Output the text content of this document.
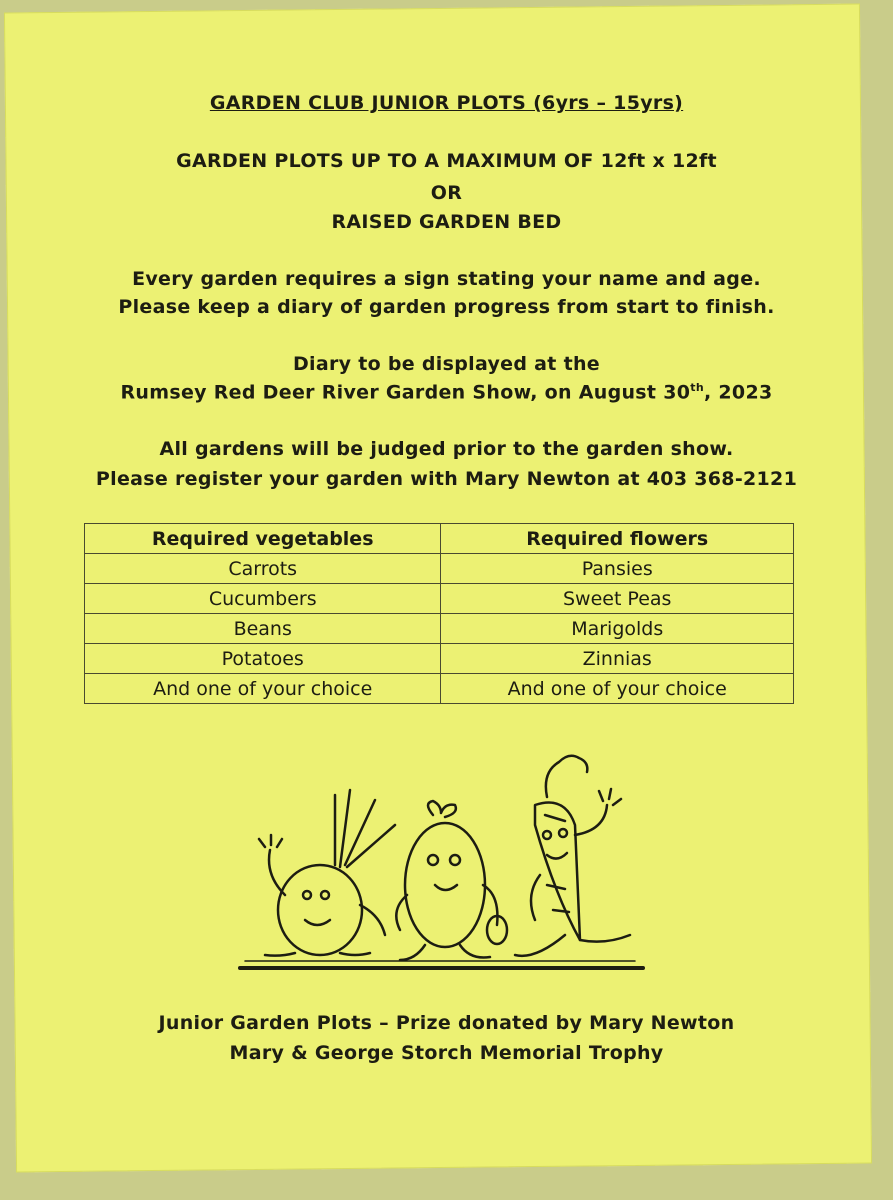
GARDEN CLUB JUNIOR PLOTS (6yrs – 15yrs)
GARDEN PLOTS UP TO A MAXIMUM OF 12ft x 12ft
OR
RAISED GARDEN BED
Every garden requires a sign stating your name and age.
Please keep a diary of garden progress from start to finish.
Diary to be displayed at the
Rumsey Red Deer River Garden Show, on August 30th, 2023
All gardens will be judged prior to the garden show.
Please register your garden with Mary Newton at 403 368-2121
Required vegetables	Required flowers
Carrots	Pansies
Cucumbers	Sweet Peas
Beans	Marigolds
Potatoes	Zinnias
And one of your choice	And one of your choice
Junior Garden Plots – Prize donated by Mary Newton
Mary & George Storch Memorial Trophy
